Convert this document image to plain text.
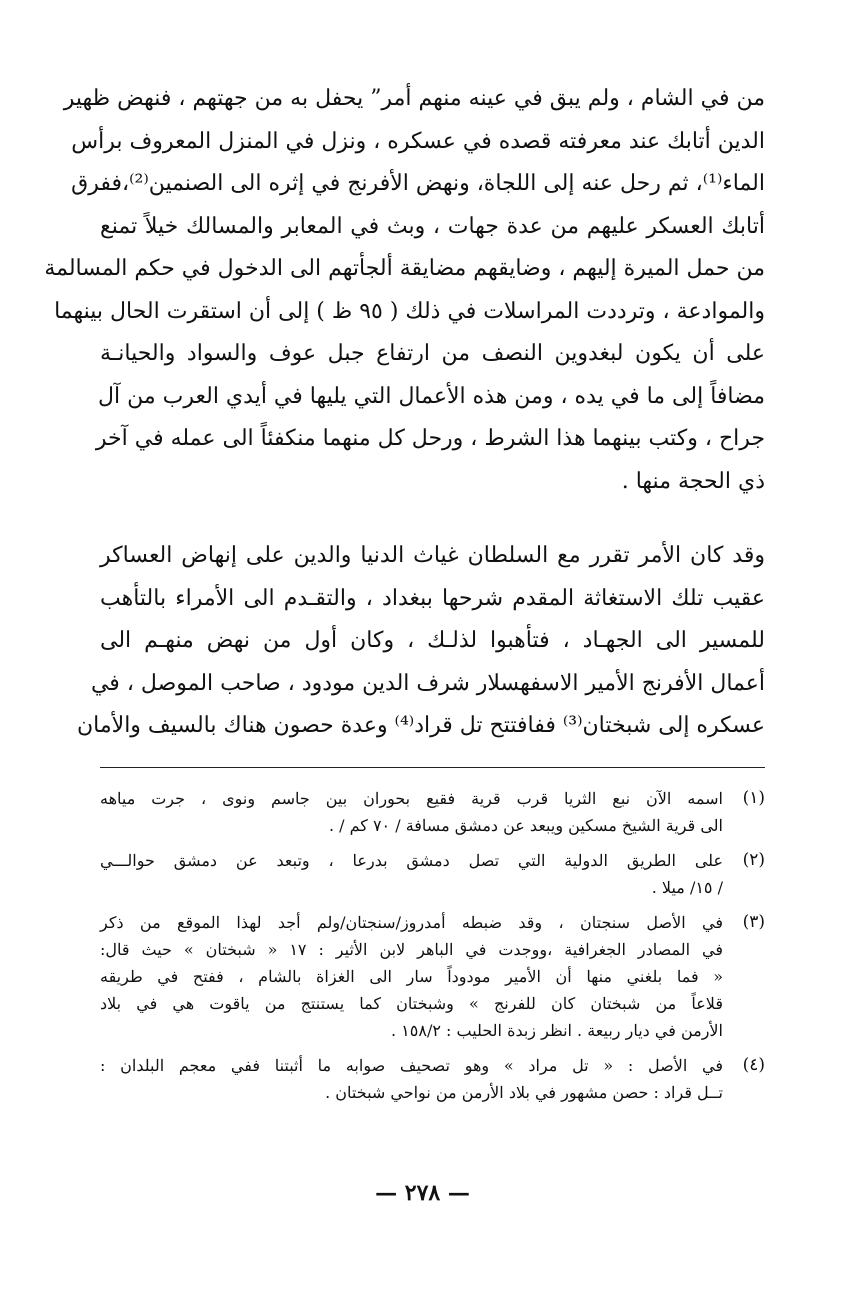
من في الشام ، ولم يبق في عينه منهم أمر” يحفل به من جهتهم ، فنهض ظهير
الدين أتابك عند معرفته قصده في عسكره ، ونزل في المنزل المعروف برأس
الماء⁽¹⁾، ثم رحل عنه إلى اللجاة، ونهض الأفرنج في إثره الى الصنمين⁽²⁾،ففرق
أتابك العسكر عليهم من عدة جهات ، وبث في المعابر والمسالك خيلاً تمنع
من حمل الميرة إليهم ، وضايقهم مضايقة ألجأتهم الى الدخول في حكم المسالمة
والموادعة ، وترددت المراسلات في ذلك ( ٩٥ ظ ) إلى أن استقرت الحال بينهما
على أن يكون لبغدوين النصف من ارتفاع جبل عوف والسواد والحيانـة
مضافاً إلى ما في يده ، ومن هذه الأعمال التي يليها في أيدي العرب من آل
جراح ، وكتب بينهما هذا الشرط ، ورحل كل منهما منكفئاً الى عمله في آخر
ذي الحجة منها .
وقد كان الأمر تقرر مع السلطان غياث الدنيا والدين على إنهاض العساكر
عقيب تلك الاستغاثة المقدم شرحها ببغداد ، والتقـدم الى الأمراء بالتأهب
للمسير الى الجهـاد ، فتأهبوا لذلـك ، وكان أول من نهض منهـم الى
أعمال الأفرنج الأمير الاسفهسلار شرف الدين مودود ، صاحب الموصل ، في
عسكره إلى شبختان⁽³⁾ ففافتتح تل قراد⁽⁴⁾ وعدة حصون هناك بالسيف والأمان
(١)
اسمه الآن نبع الثريا قرب قرية فقيع بحوران بين جاسم ونوى ، جرت مياهه
الى قرية الشيخ مسكين ويبعد عن دمشق مسافة / ٧٠ كم / .
(٢)
على الطريق الدولية التي تصل دمشق بدرعا ، وتبعد عن دمشق حوالـــي
/ ١٥/ ميلا .
(٣)
في الأصل سنجتان ، وقد ضبطه أمدروز/سنجتان/ولم أجد لهذا الموقع من ذكر
في المصادر الجغرافية ،ووجدت في الباهر لابن الأثير : ١٧ « شبختان » حيث قال:
« فما بلغني منها أن الأمير مودوداً سار الى الغزاة بالشام ، ففتح في طريقه
قلاعاً من شبختان كان للفرنج » وشبختان كما يستنتج من ياقوت هي في بلاد
الأرمن في ديار ربيعة . انظر زبدة الحليب : ١٥٨/٢ .
(٤)
في الأصل : « تل مراد » وهو تصحيف صوابه ما أثبتنا ففي معجم البلدان :
تــل قراد : حصن مشهور في بلاد الأرمن من نواحي شبختان .
— ٢٧٨ —
